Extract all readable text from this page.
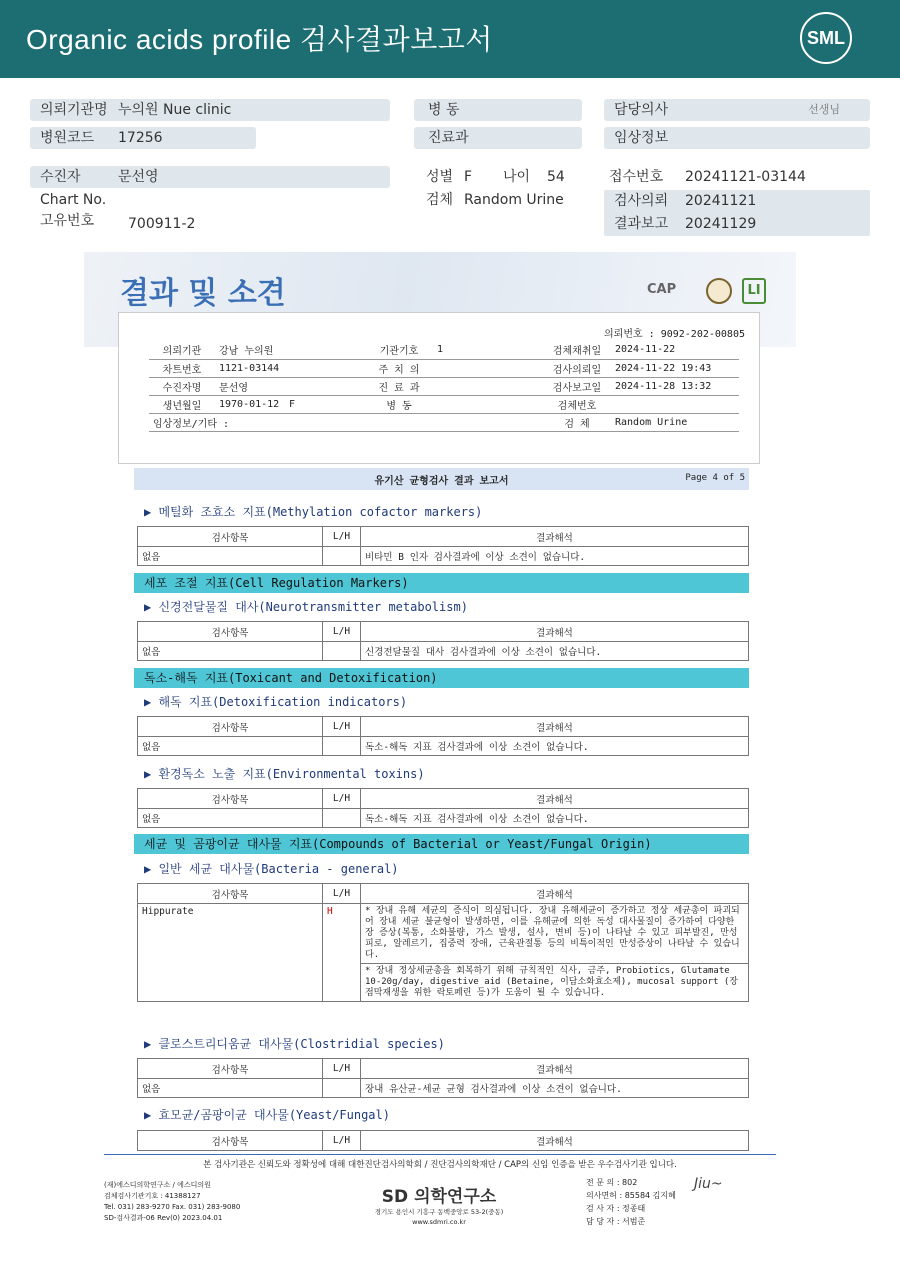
Organic acids profile 검사결과보고서	SML
의뢰기관명 누의원 Nue clinic
병원코드 17256
수진자	문선영
Chart No.
고유번호 700911-2
병 동
진료과
성별 F 나이 54
검체 Random Urine
담당의사	선생님
임상정보
접수번호 20241121-03144
검사의뢰 20241121
결과보고 20241129
결과 및 소견	CAP	LI
의뢰번호 : 9092-202-00805
의뢰기관	강남 누의원		기관기호	1	검체채취일	2024-11-22
차트번호	1121-03144		주 치 의		검사의뢰일	2024-11-22 19:43
수진자명	문선영		진 료 과		검사보고일	2024-11-28 13:32
생년월일	1970-01-12	F	병 동		검체번호	
임상정보/기타 :					검 체	Random Urine
유기산 균형검사 결과 보고서	Page 4 of 5
▶ 메틸화 조효소 지표(Methylation cofactor markers)
검사항목	L/H	결과해석
없음		비타민 B 인자 검사결과에 이상 소견이 없습니다.
세포 조절 지표(Cell Regulation Markers)
▶ 신경전달물질 대사(Neurotransmitter metabolism)
검사항목	L/H	결과해석
없음		신경전달물질 대사 검사결과에 이상 소견이 없습니다.
독소-해독 지표(Toxicant and Detoxification)
▶ 해독 지표(Detoxification indicators)
검사항목	L/H	결과해석
없음		독소-해독 지표 검사결과에 이상 소견이 없습니다.
▶ 환경독소 노출 지표(Environmental toxins)
검사항목	L/H	결과해석
없음		독소-해독 지표 검사결과에 이상 소견이 없습니다.
세균 및 곰팡이균 대사물 지표(Compounds of Bacterial or Yeast/Fungal Origin)
▶ 일반 세균 대사물(Bacteria - general)
검사항목	L/H	결과해석
Hippurate	H	* 장내 유해 세균의 증식이 의심됩니다. 장내 유해세균이 증가하고 정상 세균총이 파괴되어 장내 세균 불균형이 발생하면, 이를 유해균에 의한 독성 대사물질이 증가하여 다양한 장 증상(복통, 소화불량, 가스 발생, 설사, 변비 등)이 나타날 수 있고 피부발진, 만성피로, 알레르기, 집중력 장애, 근육관절통 등의 비특이적인 만성증상이 나타날 수 있습니다.
		* 장내 정상세균총을 회복하기 위해 규칙적인 식사, 금주, Probiotics, Glutamate 10-20g/day, digestive aid (Betaine, 이담소화효소제), mucosal support (장점막재생을 위한 락토페린 등)가 도움이 될 수 있습니다.
▶ 클로스트리디움균 대사물(Clostridial species)
검사항목	L/H	결과해석
없음		장내 유산균-세균 균형 검사결과에 이상 소견이 없습니다.
▶ 효모균/곰팡이균 대사물(Yeast/Fungal)
검사항목	L/H	결과해석
본 검사기관은 신뢰도와 정확성에 대해 대한진단검사의학회 / 진단검사의학재단 / CAP의 신임 인증을 받은 우수검사기관 입니다.
(재)에스디의학연구소 / 에스디의원
검체검사기관기호 : 41388127
Tel. 031) 283-9270 Fax. 031) 283-9080
SD-검사결과-06 Rev(0) 2023.04.01
SD 의학연구소
경기도 용인시 기흥구 동백중앙로 53-2(중동)
www.sdmri.co.kr
전 문 의 : 802
의사면허 : 85584 김지혜
검 사 자 : 정종태
담 당 자 : 서범준
Jiu~
